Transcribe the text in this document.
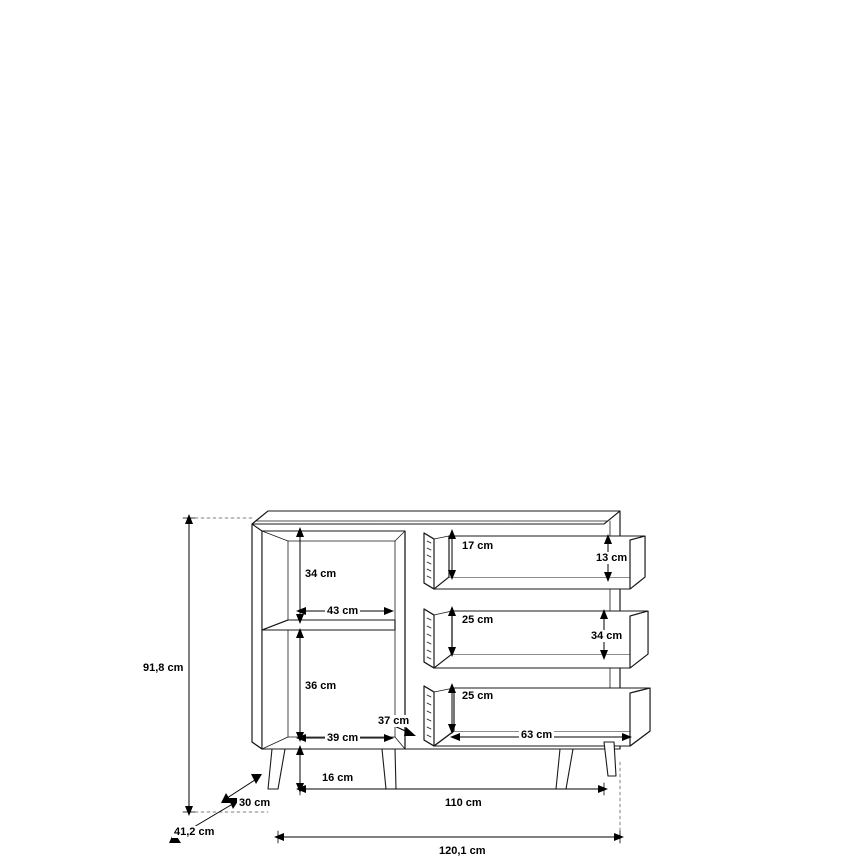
91,8 cm
120,1 cm
41,2 cm
110 cm
30 cm
16 cm
34 cm
43 cm
36 cm
39 cm
37 cm
17 cm
13 cm
25 cm
34 cm
25 cm
63 cm
